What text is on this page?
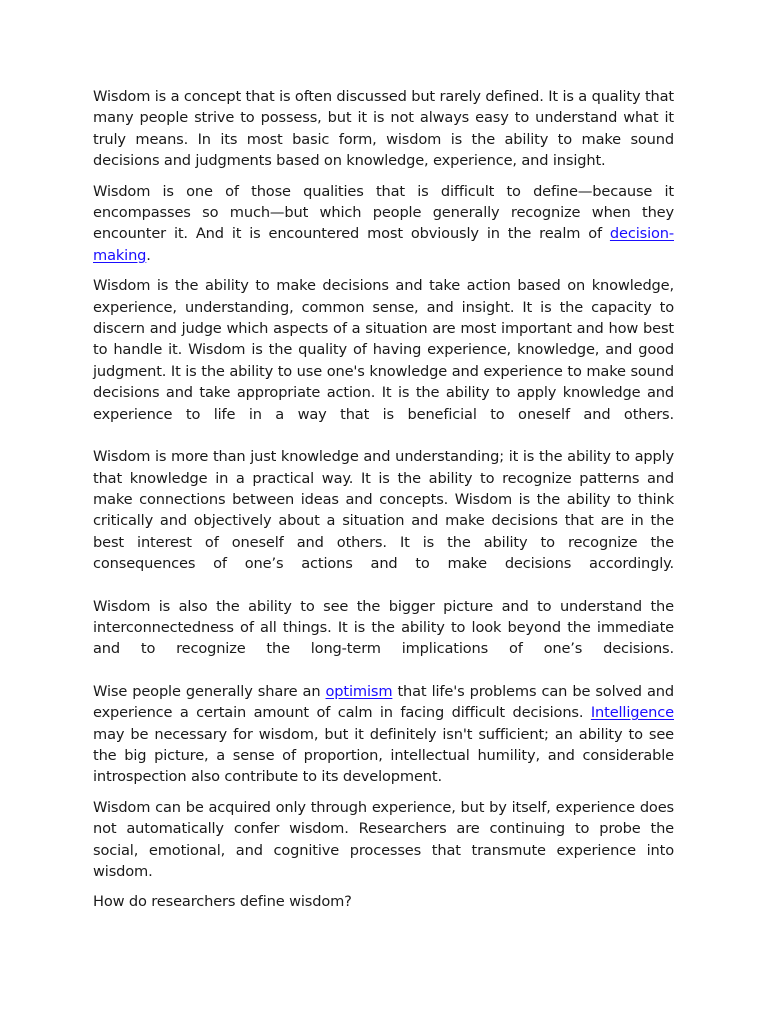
Wisdom is a concept that is often discussed but rarely defined. It is a quality that many people strive to possess, but it is not always easy to understand what it truly means. In its most basic form, wisdom is the ability to make sound decisions and judgments based on knowledge, experience, and insight.

Wisdom is one of those qualities that is difficult to define—because it encompasses so much—but which people generally recognize when they encounter it. And it is encountered most obviously in the realm of decision-making.

Wisdom is the ability to make decisions and take action based on knowledge, experience, understanding, common sense, and insight. It is the capacity to discern and judge which aspects of a situation are most important and how best to handle it. Wisdom is the quality of having experience, knowledge, and good judgment. It is the ability to use one's knowledge and experience to make sound decisions and take appropriate action. It is the ability to apply knowledge and experience to life in a way that is beneficial to oneself and others.

Wisdom is more than just knowledge and understanding; it is the ability to apply that knowledge in a practical way. It is the ability to recognize patterns and make connections between ideas and concepts. Wisdom is the ability to think critically and objectively about a situation and make decisions that are in the best interest of oneself and others. It is the ability to recognize the consequences of one’s actions and to make decisions accordingly.

Wisdom is also the ability to see the bigger picture and to understand the interconnectedness of all things. It is the ability to look beyond the immediate and to recognize the long-term implications of one’s decisions.

Wise people generally share an optimism that life's problems can be solved and experience a certain amount of calm in facing difficult decisions. Intelligence may be necessary for wisdom, but it definitely isn't sufficient; an ability to see the big picture, a sense of proportion, intellectual humility, and considerable introspection also contribute to its development.

Wisdom can be acquired only through experience, but by itself, experience does not automatically confer wisdom. Researchers are continuing to probe the social, emotional, and cognitive processes that transmute experience into wisdom.

How do researchers define wisdom?
